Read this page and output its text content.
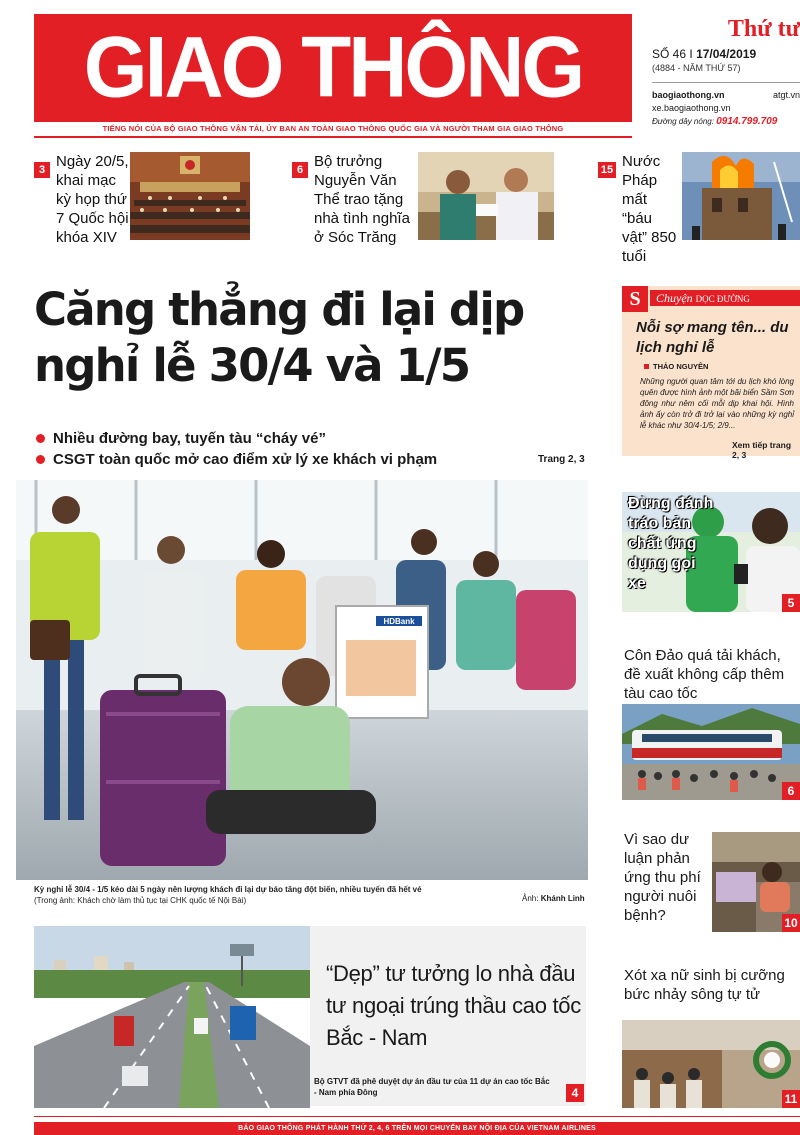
GIAO THÔNG
TIẾNG NÓI CỦA BỘ GIAO THÔNG VẬN TẢI, ỦY BAN AN TOÀN GIAO THÔNG QUỐC GIA VÀ NGƯỜI THAM GIA GIAO THÔNG
Thứ tư
SỐ 46 I 17/04/2019
(4884 - NĂM THỨ 57)
baogiaothong.vn	atgt.vn
xe.baogiaothong.vn
Đường dây nóng: 0914.799.709
3 Ngày 20/5, khai mạc kỳ họp thứ 7 Quốc hội khóa XIV
6 Bộ trưởng Nguyễn Văn Thể trao tặng nhà tình nghĩa ở Sóc Trăng
15 Nước Pháp mất “báu vật” 850 tuổi
Căng thẳng đi lại dịp
nghỉ lễ 30/4 và 1/5
Nhiều đường bay, tuyến tàu “cháy vé”
CSGT toàn quốc mở cao điểm xử lý xe khách vi phạm	Trang 2, 3
HDBank
Kỳ nghỉ lễ 30/4 - 1/5 kéo dài 5 ngày nên lượng khách đi lại dự báo tăng đột biến, nhiều tuyến đã hết vé
(Trong ảnh: Khách chờ làm thủ tục tại CHK quốc tế Nội Bài)	Ảnh: Khánh Linh
“Dẹp” tư tưởng lo nhà đầu tư ngoại trúng thầu cao tốc Bắc - Nam
Bộ GTVT đã phê duyệt dự án đầu tư của 11 dự án cao tốc Bắc - Nam phía Đông	4
S	Chuyện DỌC ĐƯỜNG
Nỗi sợ mang tên... du lịch nghỉ lễ
THẢO NGUYÊN
Những người quan tâm tới du lịch khó lòng quên được hình ảnh một bãi biển Sầm Sơn đông như nêm cối mỗi dịp khai hội. Hình ảnh ấy còn trở đi trở lại vào những kỳ nghỉ lễ khác như 30/4-1/5; 2/9...
Xem tiếp trang 2, 3
Đừng đánh tráo bản chất ứng dụng gọi xe
5
Côn Đảo quá tải khách, đề xuất không cấp thêm tàu cao tốc
6
Vì sao dư luận phản ứng thu phí người nuôi bệnh?	10
Xót xa nữ sinh bị cưỡng bức nhảy sông tự tử
11
BÁO GIAO THÔNG PHÁT HÀNH THỨ 2, 4, 6 TRÊN MỌI CHUYẾN BAY NỘI ĐỊA CỦA VIETNAM AIRLINES
